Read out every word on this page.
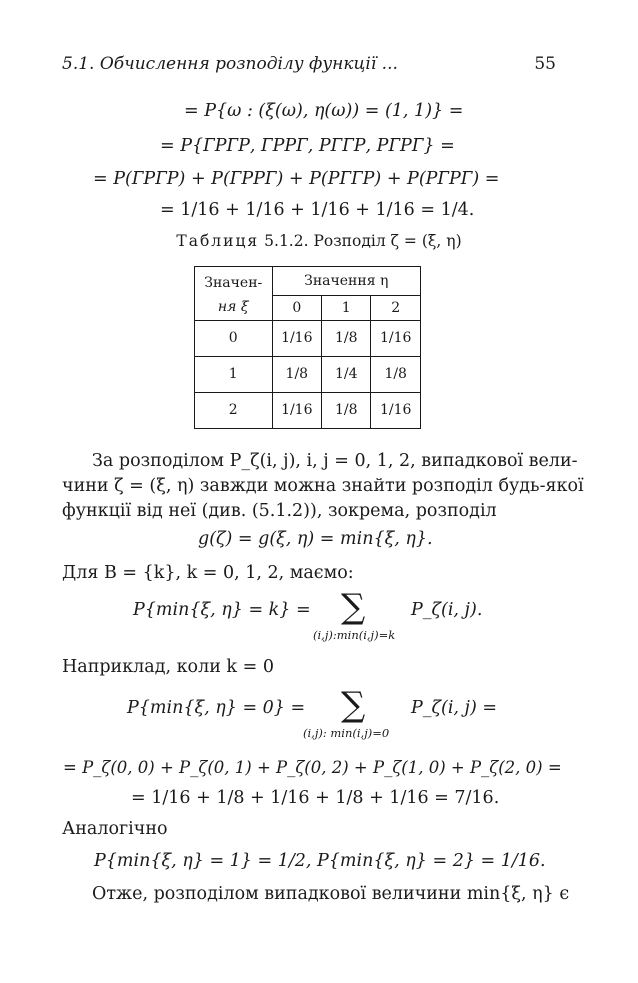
5.1. Обчислення розподілу функції ...	55
= P{ω : (ξ(ω), η(ω)) = (1, 1)} =
= P{ГРГР, ГРРГ, РГГР, РГРГ} =
= P(ГРГР) + P(ГРРГ) + P(РГГР) + P(РГРГ) =
= 1/16 + 1/16 + 1/16 + 1/16 = 1/4.
Таблиця 5.1.2. Розподіл ζ = (ξ, η)
Значен-	Значення η		
ня ξ	0	1	2
0	1/16	1/8	1/16
1	1/8	1/4	1/8
2	1/16	1/8	1/16
За розподілом P_ζ(i, j), i, j = 0, 1, 2, випадкової вели-
чини ζ = (ξ, η) завжди можна знайти розподіл будь-якої
функції від неї (див. (5.1.2)), зокрема, розподіл
g(ζ) = g(ξ, η) = min{ξ, η}.
Для B = {k}, k = 0, 1, 2, маємо:
P{min{ξ, η} = k} = ∑
(i,j):min(i,j)=k
P_ζ(i, j).
Наприклад, коли k = 0
P{min{ξ, η} = 0} = ∑
(i,j): min(i,j)=0
P_ζ(i, j) =
= P_ζ(0, 0) + P_ζ(0, 1) + P_ζ(0, 2) + P_ζ(1, 0) + P_ζ(2, 0) =
= 1/16 + 1/8 + 1/16 + 1/8 + 1/16 = 7/16.
Аналогічно
P{min{ξ, η} = 1} = 1/2, P{min{ξ, η} = 2} = 1/16.
Отже, розподілом випадкової величини min{ξ, η} є
